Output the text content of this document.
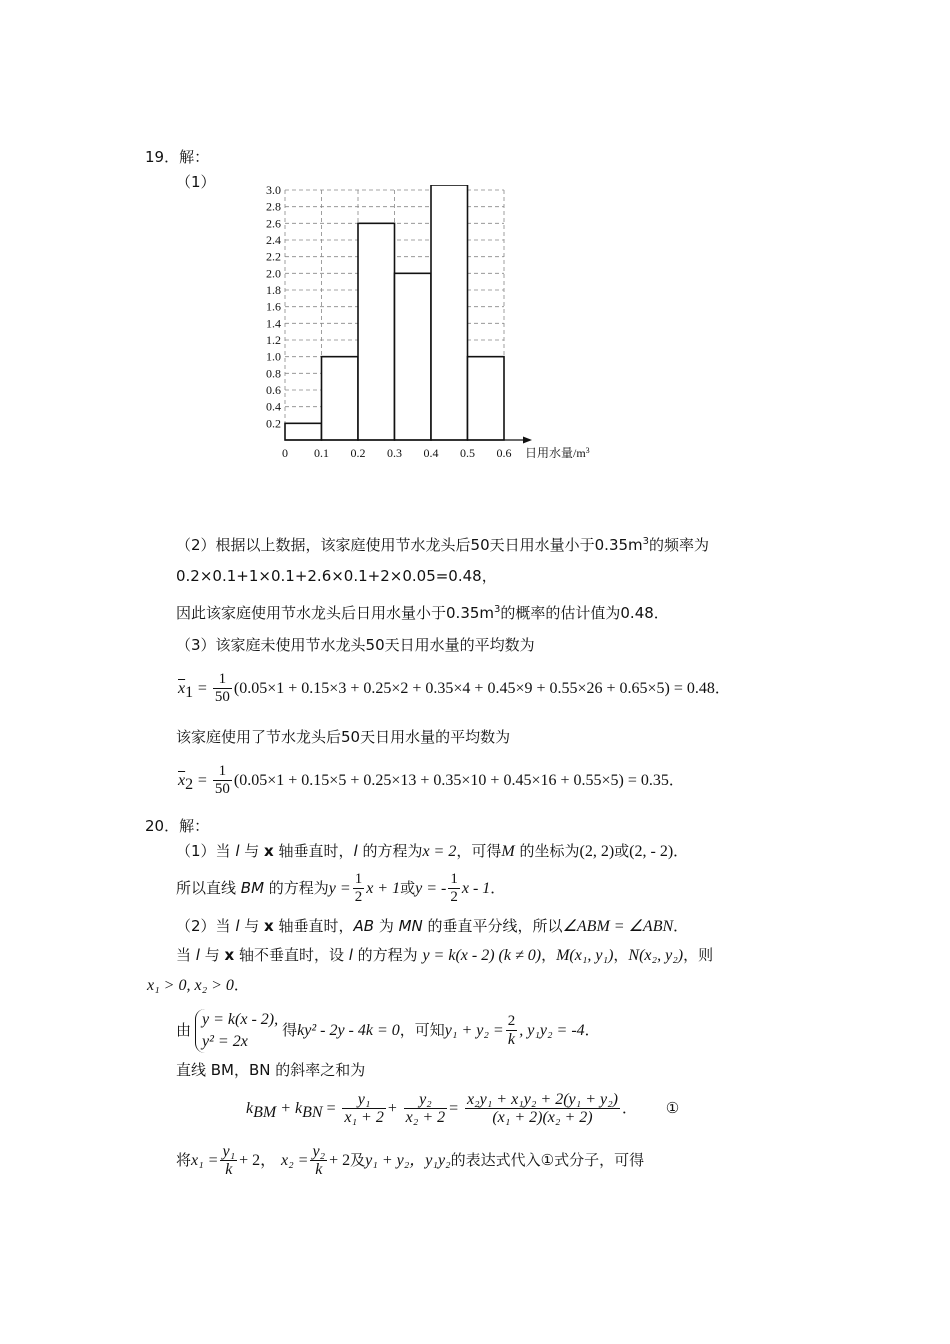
19．解：
（1）
0.2
0.4
0.6
0.8
1.0
1.2
1.4
1.6
1.8
2.0
2.2
2.4
2.6
2.8
3.0
0 0.1 0.2 0.3 0.4 0.5 0.6 日用水量$/m^3$
（2）根据以上数据，该家庭使用节水龙头后50天日用水量小于$0.35m^3$的频率为
0.2×0.1+1×0.1+2.6×0.1+2×0.05=0.48，
因此该家庭使用节水龙头后日用水量小于$0.35m^3$的概率的估计值为0.48．
（3）该家庭未使用节水龙头50天日用水量的平均数为
$\overline{x}_1 = \frac{1}{50} (0.05\times 1 + 0.15\times 3 + 0.25\times 2 + 0.35\times 4 + 0.45\times 9 + 0.55\times 26 + 0.65\times 5) = 0.48$．
该家庭使用了节水龙头后50天日用水量的平均数为
$\overline{x}_2 = \frac{1}{50} (0.05\times 1 + 0.15\times 5 + 0.25\times 13 + 0.35\times 10 + 0.45\times 16 + 0.55\times 5) = 0.35$．
20．解：
（1）当 l 与 x 轴垂直时，l 的方程为x = 2，可得M 的坐标为(2, 2)或(2, - 2)．
所以直线 BM 的方程为$y = \frac{1}{2}$ x + 1或y = - $\frac{1}{2}$ x - 1．
（2）当 l 与 x 轴垂直时，AB 为 MN 的垂直平分线，所以∠ABM = ∠ABN．
当 l 与 x 轴不垂直时，设 l 的方程为 y = k(x - 2) (k ≠ 0)，M(x₁, y₁)，N(x₂, y₂)，则
x₁ > 0, x₂ > 0．
由
y = k(x - 2),
y² = 2x
得ky² - 2y - 4k = 0，可知$y_1 + y_2 = \frac{2}{k}$ , y₁y₂ = -4．
直线 BM，BN 的斜率之和为
$k_{BM} + k_{BN} = \frac{\text{y₁}}{\text{x₁ + 2}} + \frac{\text{y₂}}{\text{x₂ + 2}} = \frac{\text{x₂y₁ + x₁y₂ + 2(y₁ + y₂)}}{\text{(x₁ + 2)(x₂ + 2)}}$ ． ①
将$x_1 = \frac{\text{y₁}}{k} + 2$， $x_2 = \frac{\text{y₂}}{k} + 2$及y₁ + y₂，y₁y₂的表达式代入①式分子，可得
